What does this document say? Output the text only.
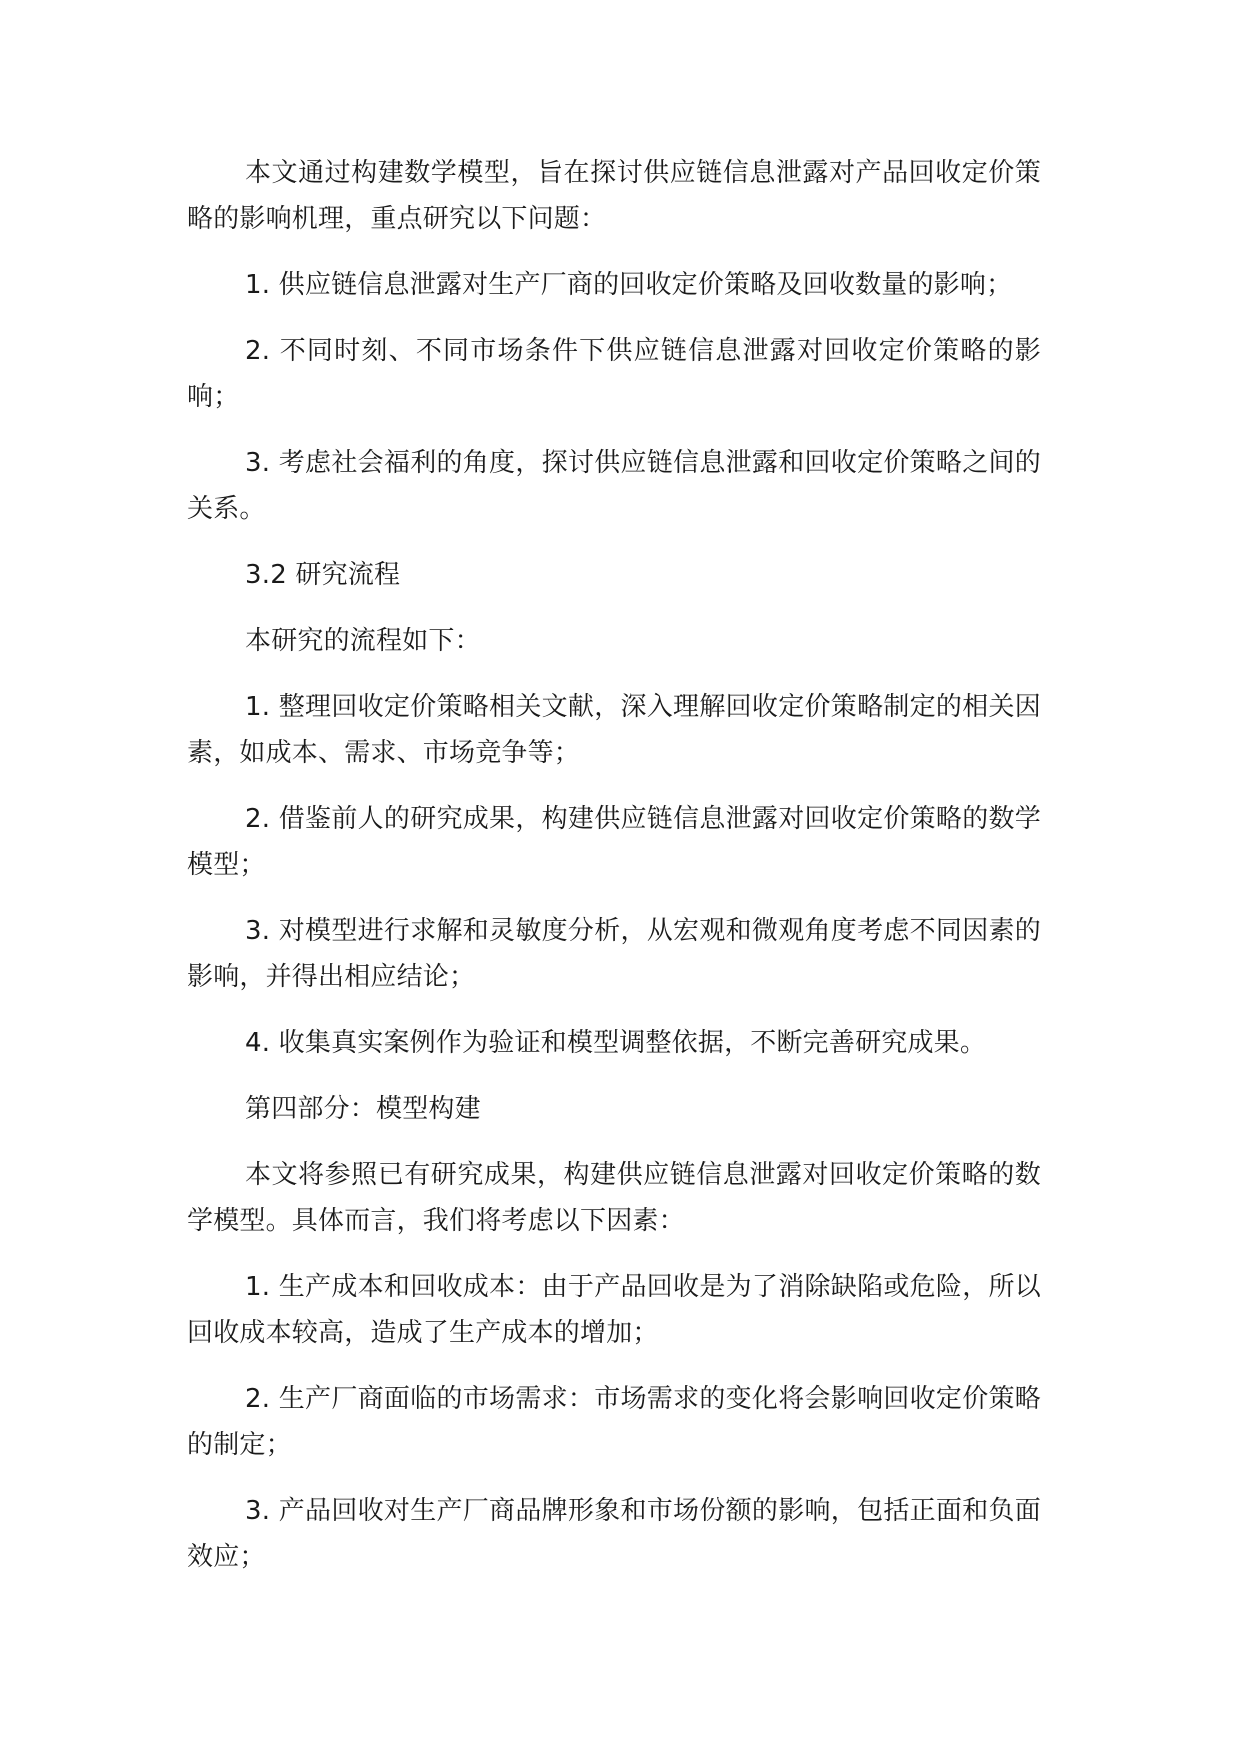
本文通过构建数学模型，旨在探讨供应链信息泄露对产品回收定价策略的影响机理，重点研究以下问题：

1. 供应链信息泄露对生产厂商的回收定价策略及回收数量的影响；

2. 不同时刻、不同市场条件下供应链信息泄露对回收定价策略的影响；

3. 考虑社会福利的角度，探讨供应链信息泄露和回收定价策略之间的关系。

3.2 研究流程

本研究的流程如下：

1. 整理回收定价策略相关文献，深入理解回收定价策略制定的相关因素，如成本、需求、市场竞争等；

2. 借鉴前人的研究成果，构建供应链信息泄露对回收定价策略的数学模型；

3. 对模型进行求解和灵敏度分析，从宏观和微观角度考虑不同因素的影响，并得出相应结论；

4. 收集真实案例作为验证和模型调整依据，不断完善研究成果。

第四部分：模型构建

本文将参照已有研究成果，构建供应链信息泄露对回收定价策略的数学模型。具体而言，我们将考虑以下因素：

1. 生产成本和回收成本：由于产品回收是为了消除缺陷或危险，所以回收成本较高，造成了生产成本的增加；

2. 生产厂商面临的市场需求：市场需求的变化将会影响回收定价策略的制定；

3. 产品回收对生产厂商品牌形象和市场份额的影响，包括正面和负面效应；
